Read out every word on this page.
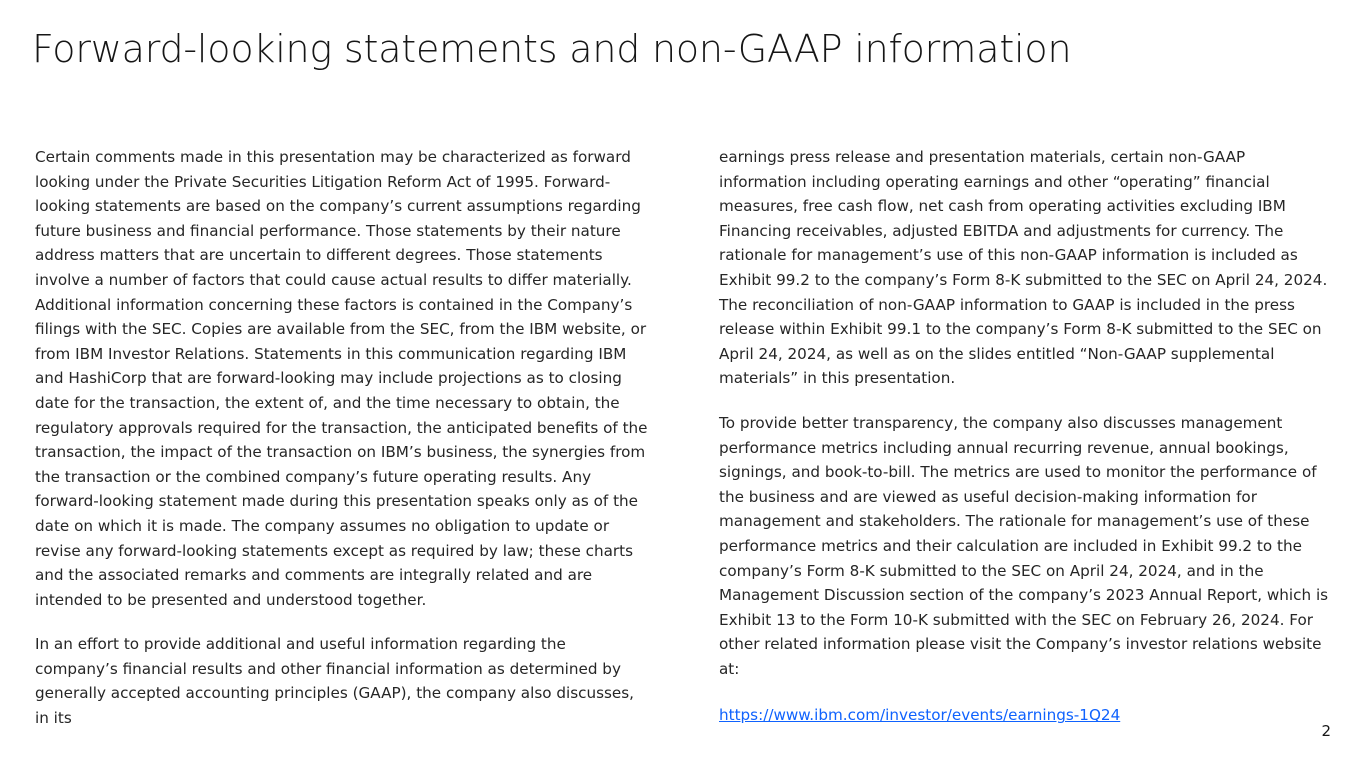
Forward-looking statements and non-GAAP information

Certain comments made in this presentation may be characterized as forward looking under the Private Securities Litigation Reform Act of 1995. Forward-looking statements are based on the company’s current assumptions regarding future business and financial performance. Those statements by their nature address matters that are uncertain to different degrees. Those statements involve a number of factors that could cause actual results to differ materially. Additional information concerning these factors is contained in the Company’s filings with the SEC. Copies are available from the SEC, from the IBM website, or from IBM Investor Relations. Statements in this communication regarding IBM and HashiCorp that are forward-looking may include projections as to closing date for the transaction, the extent of, and the time necessary to obtain, the regulatory approvals required for the transaction, the anticipated benefits of the transaction, the impact of the transaction on IBM’s business, the synergies from the transaction or the combined company’s future operating results. Any forward-looking statement made during this presentation speaks only as of the date on which it is made. The company assumes no obligation to update or revise any forward-looking statements except as required by law; these charts and the associated remarks and comments are integrally related and are intended to be presented and understood together.

In an effort to provide additional and useful information regarding the company’s financial results and other financial information as determined by generally accepted accounting principles (GAAP), the company also discusses, in its

earnings press release and presentation materials, certain non-GAAP information including operating earnings and other “operating” financial measures, free cash flow, net cash from operating activities excluding IBM Financing receivables, adjusted EBITDA and adjustments for currency. The rationale for management’s use of this non-GAAP information is included as Exhibit 99.2 to the company’s Form 8-K submitted to the SEC on April 24, 2024. The reconciliation of non-GAAP information to GAAP is included in the press release within Exhibit 99.1 to the company’s Form 8-K submitted to the SEC on April 24, 2024, as well as on the slides entitled “Non-GAAP supplemental materials” in this presentation.

To provide better transparency, the company also discusses management performance metrics including annual recurring revenue, annual bookings, signings, and book-to-bill. The metrics are used to monitor the performance of the business and are viewed as useful decision-making information for management and stakeholders. The rationale for management’s use of these performance metrics and their calculation are included in Exhibit 99.2 to the company’s Form 8-K submitted to the SEC on April 24, 2024, and in the Management Discussion section of the company’s 2023 Annual Report, which is Exhibit 13 to the Form 10-K submitted with the SEC on February 26, 2024. For other related information please visit the Company’s investor relations website at:

https://www.ibm.com/investor/events/earnings-1Q24
2
